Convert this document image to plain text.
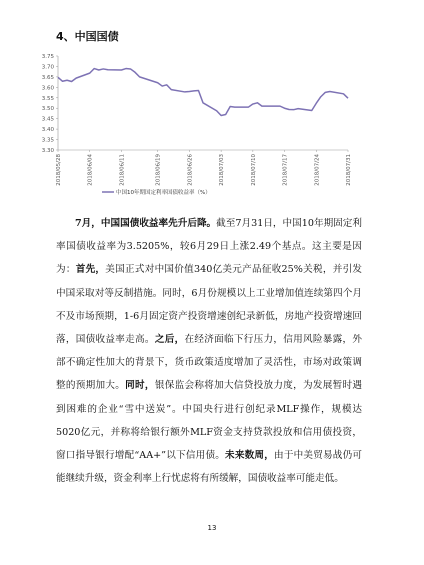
4、中国国债
3.75
3.70
3.65
3.60
3.55
3.50
3.45
3.40
3.35
3.30
2018/05/28	2018/06/04	2018/06/11	2018/06/19	2018/06/26	2018/07/03	2018/07/10	2018/07/17	2018/07/24	2018/07/31
中国10年期国定利率国债收益率（%）

7月，中国国债收益率先升后降。截至7月31日，中国10年期固定利率国债收益率为3.5205%，较6月29日上涨2.49个基点。这主要是因为：首先，美国正式对中国价值340亿美元产品征收25%关税，并引发中国采取对等反制措施。同时，6月份规模以上工业增加值连续第四个月不及市场预期，1-6月固定资产投资增速创纪录新低，房地产投资增速回落，国债收益率走高。之后，在经济面临下行压力，信用风险暴露，外部不确定性加大的背景下，货币政策适度增加了灵活性，市场对政策调整的预期加大。同时，银保监会称将加大信贷投放力度，为发展暂时遇到困难的企业“雪中送炭”。中国央行进行创纪录MLF操作，规模达5020亿元，并称将给银行额外MLF资金支持贷款投放和信用债投资，窗口指导银行增配“AA+”以下信用债。未来数周，由于中美贸易战仍可能继续升级，资金利率上行忧虑将有所缓解，国债收益率可能走低。

13
